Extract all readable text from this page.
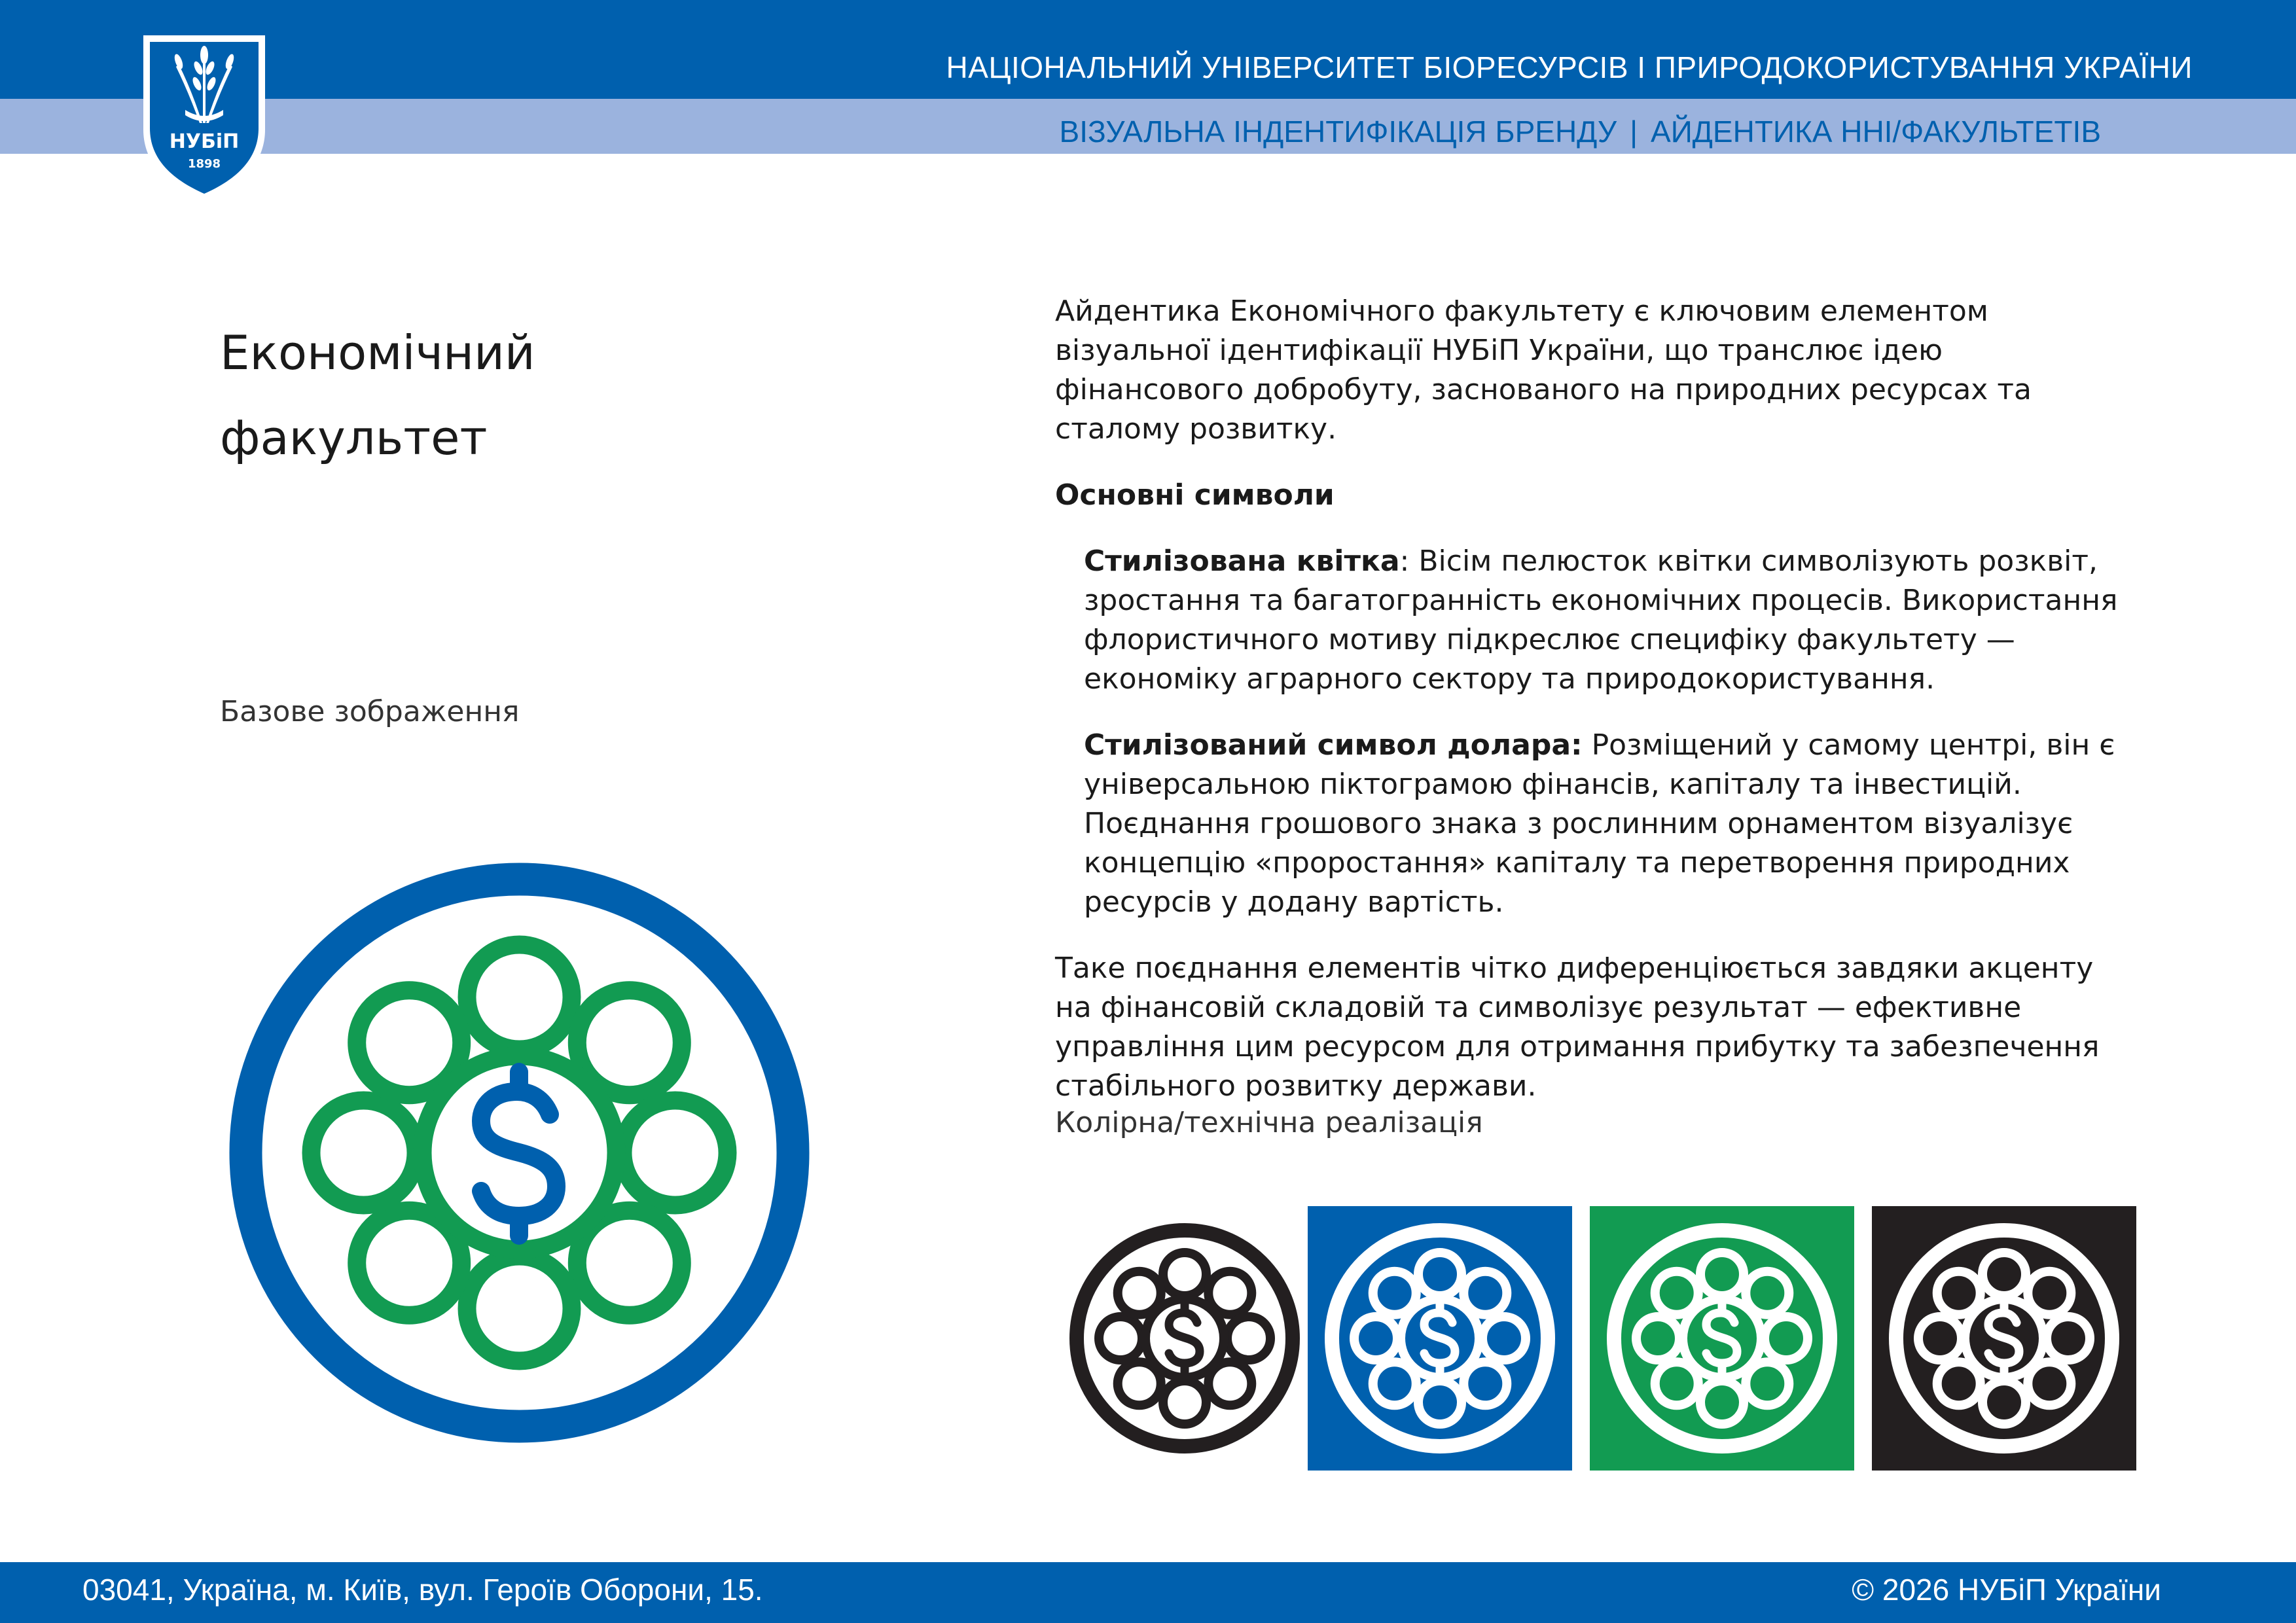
НУБіП
1898
НАЦІОНАЛЬНИЙ УНІВЕРСИТЕТ БІОРЕСУРСІВ І ПРИРОДОКОРИСТУВАННЯ УКРАЇНИ
ВІЗУАЛЬНА ІНДЕНТИФІКАЦІЯ БРЕНДУ | АЙДЕНТИКА ННІ/ФАКУЛЬТЕТІВ
Економічний
факультет
Базове зображення

Айдентика Економічного факультету є ключовим елементом візуальної ідентифікації НУБіП України, що транслює ідею фінансового добробуту, заснованого на природних ресурсах та сталому розвитку.

Основні символи

Стилізована квітка: Вісім пелюсток квітки символізують розквіт, зростання та багатогранність економічних процесів. Використання флористичного мотиву підкреслює специфіку факультету — економіку аграрного сектору та природокористування.

Стилізований символ долара: Розміщений у самому центрі, він є універсальною піктограмою фінансів, капіталу та інвестицій. Поєднання грошового знака з рослинним орнаментом візуалізує концепцію «проростання» капіталу та перетворення природних ресурсів у додану вартість.

Таке поєднання елементів чітко диференціюється завдяки акценту на фінансовій складовій та символізує результат — ефективне управління цим ресурсом для отримання прибутку та забезпечення стабільного розвитку держави.

Колірна/технічна реалізація
03041, Україна, м. Київ, вул. Героїв Оборони, 15.	© 2026 НУБіП України
